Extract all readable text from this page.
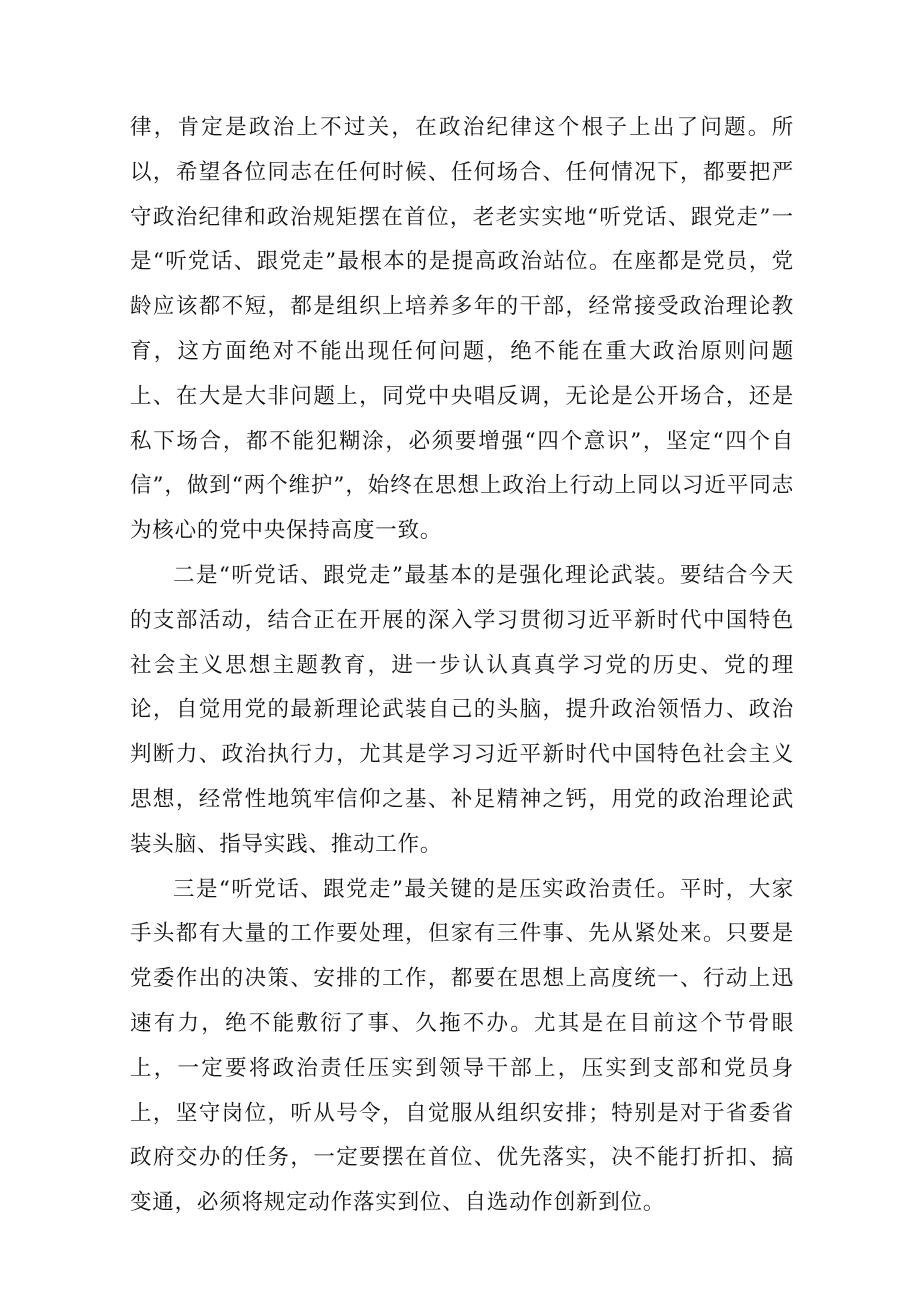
律，肯定是政治上不过关，在政治纪律这个根子上出了问题。所以，希望各位同志在任何时候、任何场合、任何情况下，都要把严守政治纪律和政治规矩摆在首位，老老实实地“听党话、跟党走”一是“听党话、跟党走”最根本的是提高政治站位。在座都是党员，党龄应该都不短，都是组织上培养多年的干部，经常接受政治理论教育，这方面绝对不能出现任何问题，绝不能在重大政治原则问题上、在大是大非问题上，同党中央唱反调，无论是公开场合，还是私下场合，都不能犯糊涂，必须要增强“四个意识”，坚定“四个自信”，做到“两个维护”，始终在思想上政治上行动上同以习近平同志为核心的党中央保持高度一致。

二是“听党话、跟党走”最基本的是强化理论武装。要结合今天的支部活动，结合正在开展的深入学习贯彻习近平新时代中国特色社会主义思想主题教育，进一步认认真真学习党的历史、党的理论，自觉用党的最新理论武装自己的头脑，提升政治领悟力、政治判断力、政治执行力，尤其是学习习近平新时代中国特色社会主义思想，经常性地筑牢信仰之基、补足精神之钙，用党的政治理论武装头脑、指导实践、推动工作。

三是“听党话、跟党走”最关键的是压实政治责任。平时，大家手头都有大量的工作要处理，但家有三件事、先从紧处来。只要是党委作出的决策、安排的工作，都要在思想上高度统一、行动上迅速有力，绝不能敷衍了事、久拖不办。尤其是在目前这个节骨眼上，一定要将政治责任压实到领导干部上，压实到支部和党员身上，坚守岗位，听从号令，自觉服从组织安排；特别是对于省委省政府交办的任务，一定要摆在首位、优先落实，决不能打折扣、搞变通，必须将规定动作落实到位、自选动作创新到位。
